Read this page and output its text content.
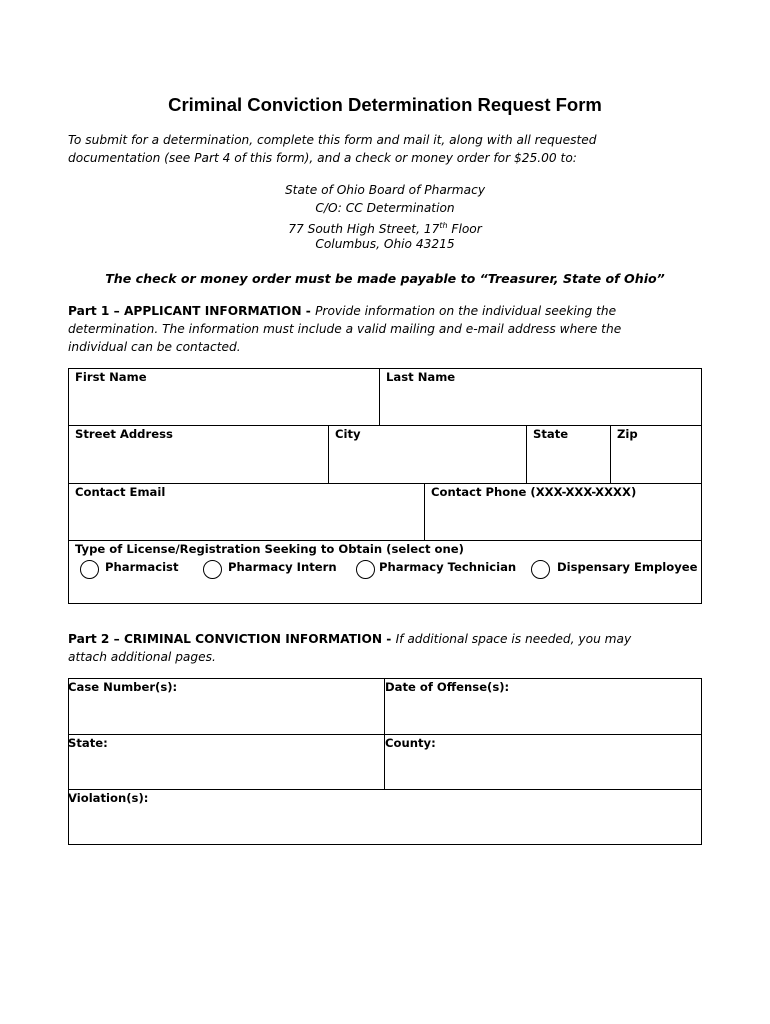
Criminal Conviction Determination Request Form
To submit for a determination, complete this form and mail it, along with all requested
documentation (see Part 4 of this form), and a check or money order for $25.00 to:
State of Ohio Board of Pharmacy
C/O: CC Determination
77 South High Street, 17th Floor
Columbus, Ohio 43215
The check or money order must be made payable to “Treasurer, State of Ohio”
Part 1 – APPLICANT INFORMATION - Provide information on the individual seeking the
determination. The information must include a valid mailing and e-mail address where the
individual can be contacted.
First Name	Last Name
Street Address	City	State	Zip
Contact Email	Contact Phone (XXX-XXX-XXXX)
Type of License/Registration Seeking to Obtain (select one)
Pharmacist	Pharmacy Intern	Pharmacy Technician	Dispensary Employee
Part 2 – CRIMINAL CONVICTION INFORMATION - If additional space is needed, you may
attach additional pages.
Case Number(s):	Date of Offense(s):
State:	County:
Violation(s):
